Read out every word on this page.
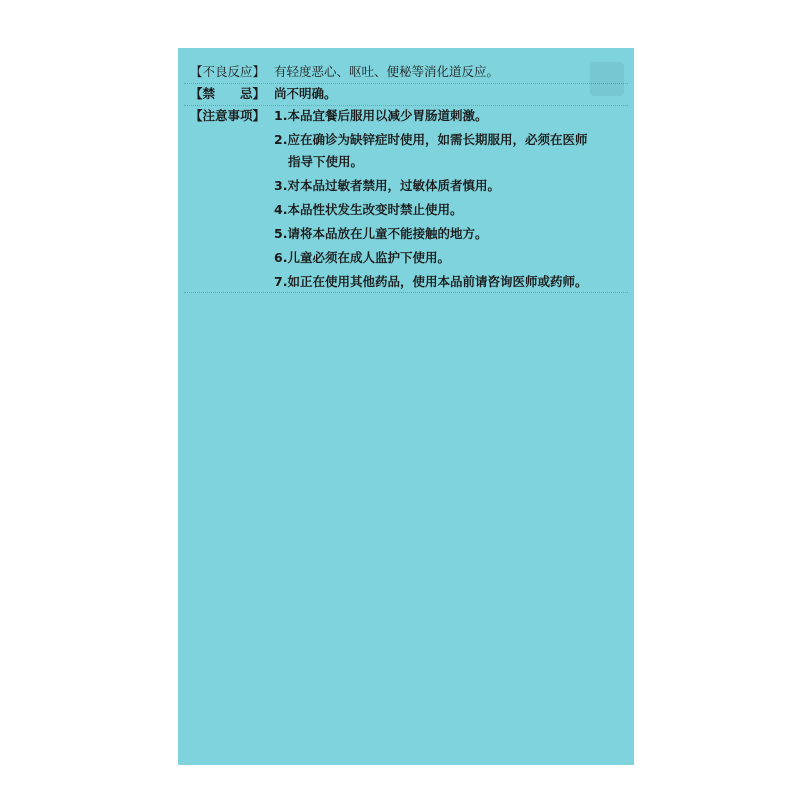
【不良反应】 有轻度恶心、呕吐、便秘等消化道反应。
【禁　　忌】 尚不明确。
【注意事项】 1.本品宜餐后服用以减少胃肠道刺激。
2.应在确诊为缺锌症时使用，如需长期服用，必须在医师
指导下使用。
3.对本品过敏者禁用，过敏体质者慎用。
4.本品性状发生改变时禁止使用。
5.请将本品放在儿童不能接触的地方。
6.儿童必须在成人监护下使用。
7.如正在使用其他药品，使用本品前请咨询医师或药师。
